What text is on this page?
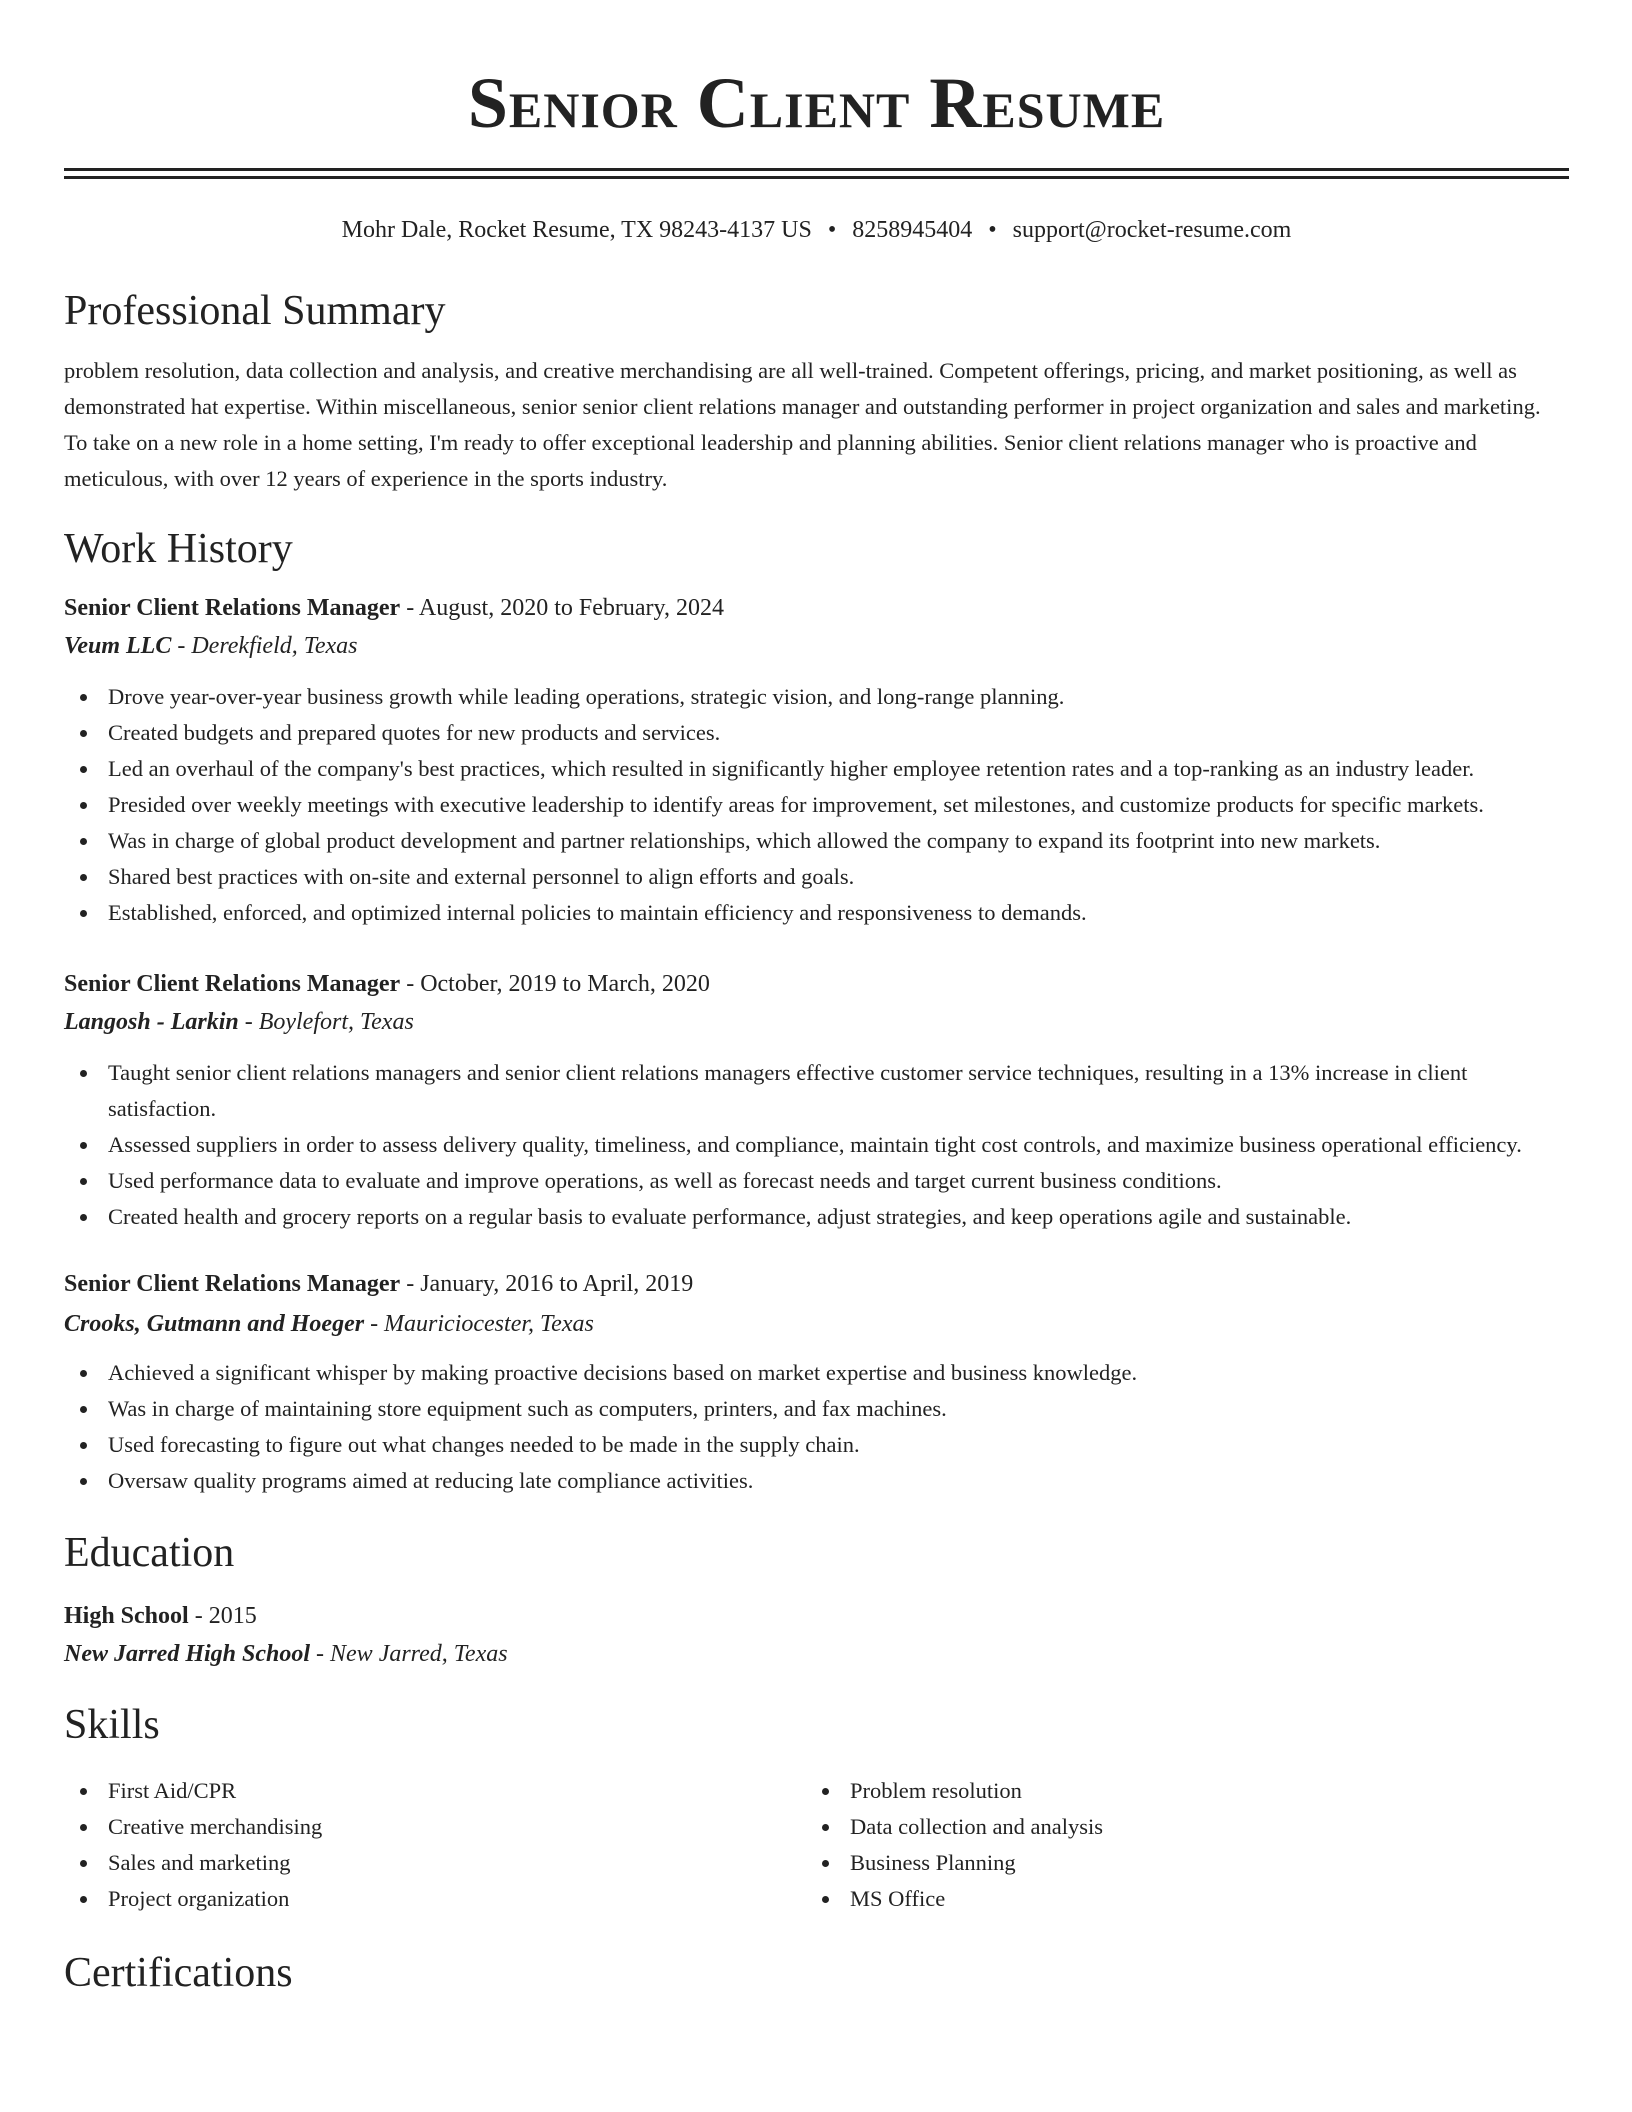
Senior Client Resume
Mohr Dale, Rocket Resume, TX 98243-4137 US • 8258945404 • support@rocket-resume.com
Professional Summary
problem resolution, data collection and analysis, and creative merchandising are all well-trained. Competent offerings, pricing, and market positioning, as well as demonstrated hat expertise. Within miscellaneous, senior senior client relations manager and outstanding performer in project organization and sales and marketing. To take on a new role in a home setting, I'm ready to offer exceptional leadership and planning abilities. Senior client relations manager who is proactive and meticulous, with over 12 years of experience in the sports industry.
Work History
Senior Client Relations Manager - August, 2020 to February, 2024
Veum LLC - Derekfield, Texas
Drove year-over-year business growth while leading operations, strategic vision, and long-range planning.
Created budgets and prepared quotes for new products and services.
Led an overhaul of the company's best practices, which resulted in significantly higher employee retention rates and a top-ranking as an industry leader.
Presided over weekly meetings with executive leadership to identify areas for improvement, set milestones, and customize products for specific markets.
Was in charge of global product development and partner relationships, which allowed the company to expand its footprint into new markets.
Shared best practices with on-site and external personnel to align efforts and goals.
Established, enforced, and optimized internal policies to maintain efficiency and responsiveness to demands.
Senior Client Relations Manager - October, 2019 to March, 2020
Langosh - Larkin - Boylefort, Texas
Taught senior client relations managers and senior client relations managers effective customer service techniques, resulting in a 13% increase in client satisfaction.
Assessed suppliers in order to assess delivery quality, timeliness, and compliance, maintain tight cost controls, and maximize business operational efficiency.
Used performance data to evaluate and improve operations, as well as forecast needs and target current business conditions.
Created health and grocery reports on a regular basis to evaluate performance, adjust strategies, and keep operations agile and sustainable.
Senior Client Relations Manager - January, 2016 to April, 2019
Crooks, Gutmann and Hoeger - Mauriciocester, Texas
Achieved a significant whisper by making proactive decisions based on market expertise and business knowledge.
Was in charge of maintaining store equipment such as computers, printers, and fax machines.
Used forecasting to figure out what changes needed to be made in the supply chain.
Oversaw quality programs aimed at reducing late compliance activities.
Education
High School - 2015
New Jarred High School - New Jarred, Texas
Skills
First Aid/CPR
Creative merchandising
Sales and marketing
Project organization
Problem resolution
Data collection and analysis
Business Planning
MS Office
Certifications
